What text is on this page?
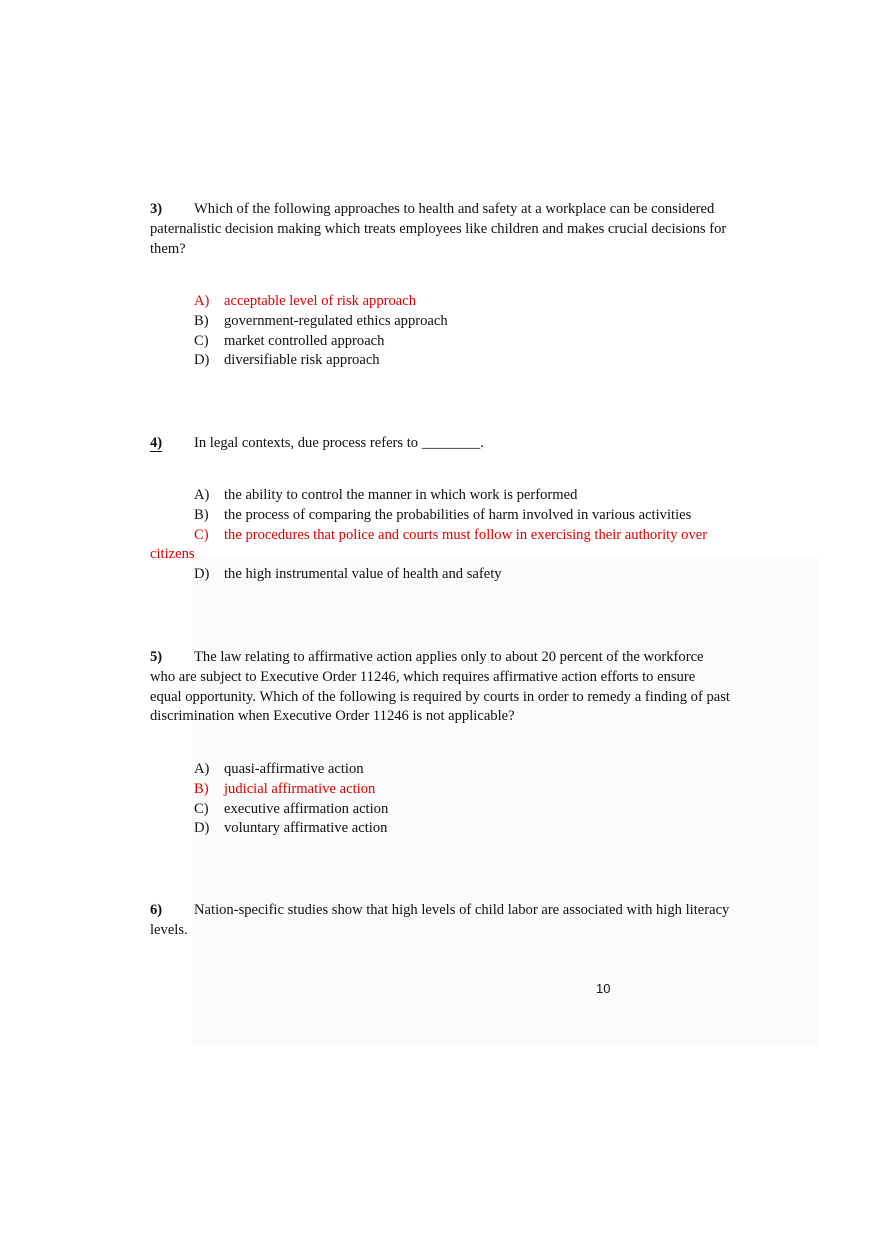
3) Which of the following approaches to health and safety at a workplace can be considered paternalistic decision making which treats employees like children and makes crucial decisions for them?
A) acceptable level of risk approach
B)	government-regulated ethics approach
C)	market controlled approach
D) diversifiable risk approach
4) In legal contexts, due process refers to ________.
A) the ability to control the manner in which work is performed
B)	the process of comparing the probabilities of harm involved in various activities
C) the procedures that police and courts must follow in exercising their authority over citizens
D) the high instrumental value of health and safety
5) The law relating to affirmative action applies only to about 20 percent of the workforce who are subject to Executive Order 11246, which requires affirmative action efforts to ensure equal opportunity. Which of the following is required by courts in order to remedy a finding of past discrimination when Executive Order 11246 is not applicable?
A) quasi-affirmative action
B)	judicial affirmative action
C)	executive affirmation action
D) voluntary affirmative action
6) Nation-specific studies show that high levels of child labor are associated with high literacy levels.
10
